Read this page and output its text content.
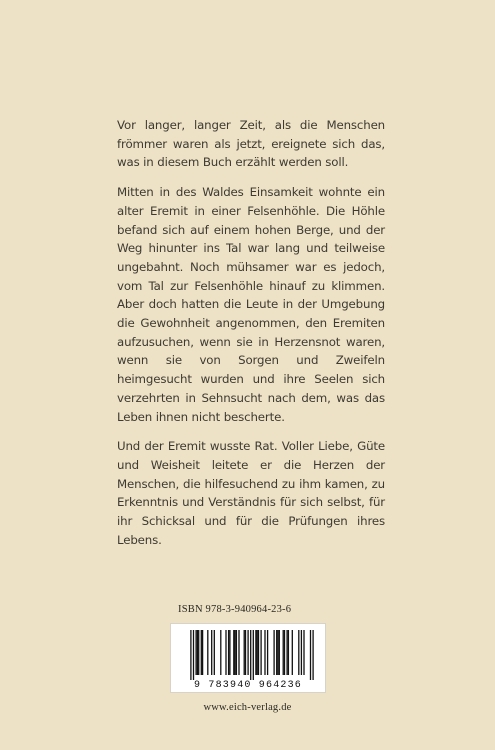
Vor langer, langer Zeit, als die Menschen frömmer waren als jetzt, ereignete sich das, was in diesem Buch erzählt werden soll.

Mitten in des Waldes Einsamkeit wohnte ein alter Eremit in einer Felsenhöhle. Die Höhle befand sich auf einem hohen Berge, und der Weg hinunter ins Tal war lang und teilweise ungebahnt. Noch mühsamer war es jedoch, vom Tal zur Felsenhöhle hinauf zu klimmen. Aber doch hatten die Leute in der Umgebung die Gewohnheit angenommen, den Eremiten aufzusuchen, wenn sie in Herzensnot waren, wenn sie von Sorgen und Zweifeln heimgesucht wurden und ihre Seelen sich verzehrten in Sehnsucht nach dem, was das Leben ihnen nicht bescherte.

Und der Eremit wusste Rat. Voller Liebe, Güte und Weisheit leitete er die Herzen der Menschen, die hilfesuchend zu ihm kamen, zu Erkenntnis und Verständnis für sich selbst, für ihr Schicksal und für die Prüfungen ihres Lebens.

ISBN 978-3-940964-23-6
9 783940 964236
www.eich-verlag.de
